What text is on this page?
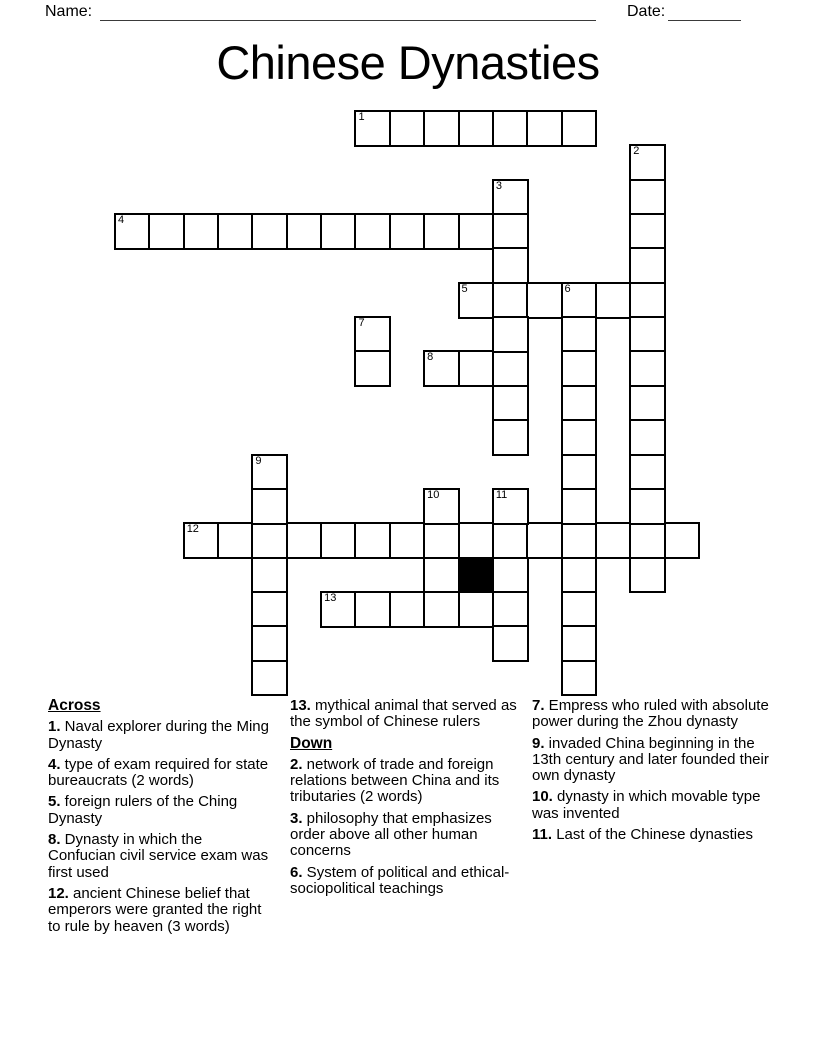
Name:	Date:
Chinese Dynasties
1
4
5	6
8
12
13
2
3
7
9
10	11
Across
1. Naval explorer during the Ming Dynasty
4. type of exam required for state bureaucrats (2 words)
5. foreign rulers of the Ching Dynasty
8. Dynasty in which the Confucian civil service exam was first used
12. ancient Chinese belief that emperors were granted the right to rule by heaven (3 words)
13. mythical animal that served as the symbol of Chinese rulers
Down
2. network of trade and foreign relations between China and its tributaries (2 words)
3. philosophy that emphasizes order above all other human concerns
6. System of political and ethical-sociopolitical teachings
7. Empress who ruled with absolute power during the Zhou dynasty
9. invaded China beginning in the 13th century and later founded their own dynasty
10. dynasty in which movable type was invented
11. Last of the Chinese dynasties
